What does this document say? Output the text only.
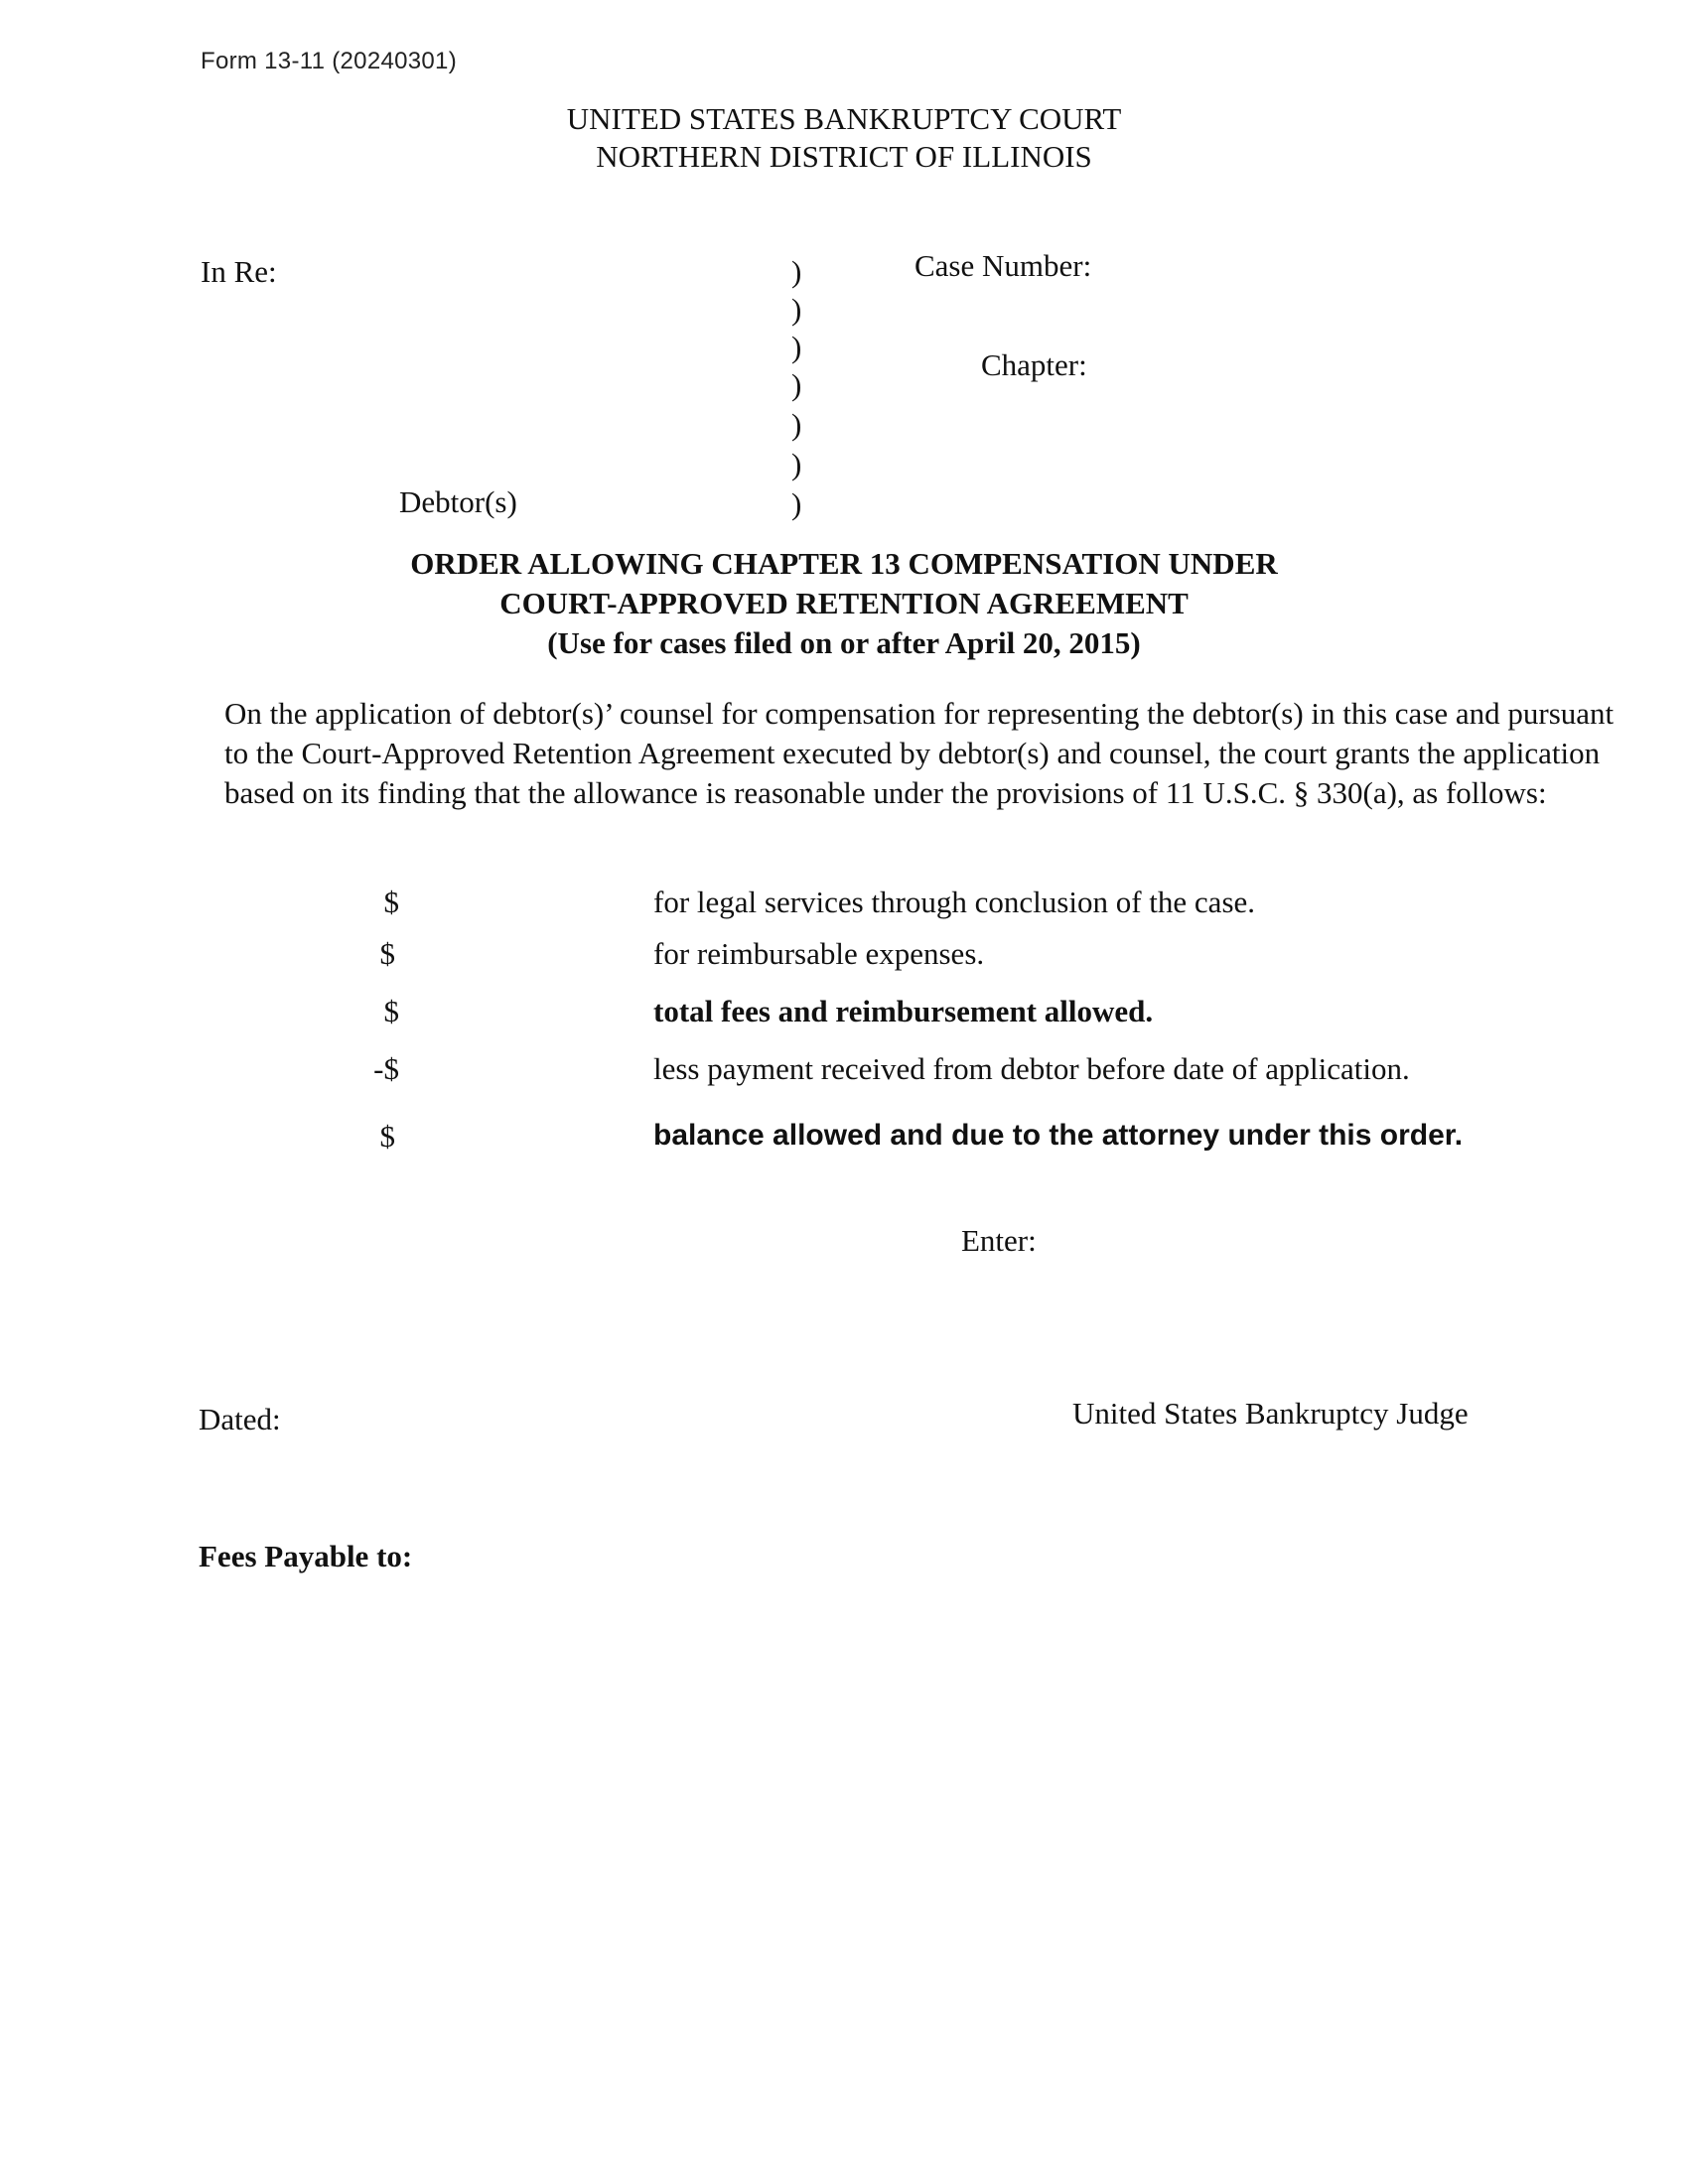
Form 13-11 (20240301)
UNITED STATES BANKRUPTCY COURT
NORTHERN DISTRICT OF ILLINOIS
In Re:
Debtor(s)
)
)
)
)
)
)
)
Case Number:
Chapter:
ORDER ALLOWING CHAPTER 13 COMPENSATION UNDER
COURT-APPROVED RETENTION AGREEMENT
(Use for cases filed on or after April 20, 2015)
On the application of debtor(s)’ counsel for compensation for representing the debtor(s) in this case and pursuant to the Court-Approved Retention Agreement executed by debtor(s) and counsel, the court grants the application based on its finding that the allowance is reasonable under the provisions of 11 U.S.C. § 330(a), as follows:
$	for legal services through conclusion of the case.
$	for reimbursable expenses.
$	total fees and reimbursement allowed.
-$	less payment received from debtor before date of application.
$	balance allowed and due to the attorney under this order.
Enter:
Dated:	United States Bankruptcy Judge
Fees Payable to:
